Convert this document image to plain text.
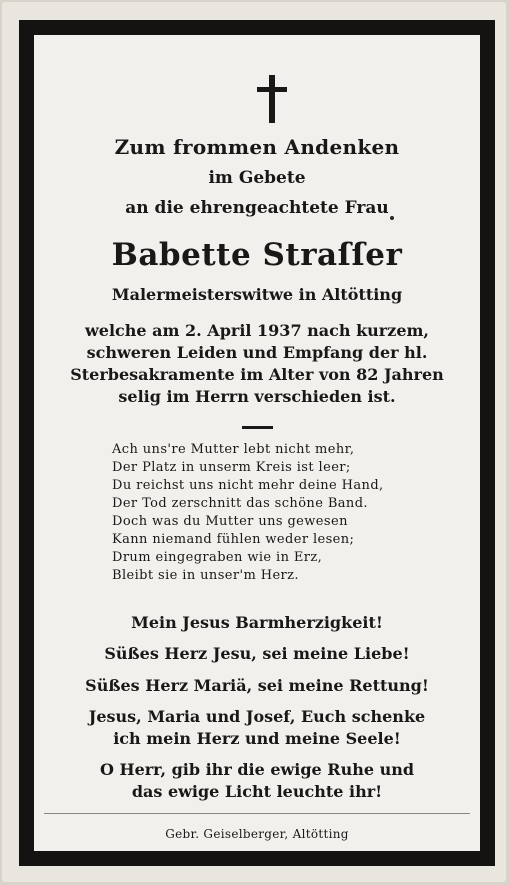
Zum frommen Andenken
im Gebete
an die ehrengeachtete Frau
Babette Straſſer
Malermeisterswitwe in Altötting
welche am 2. April 1937 nach kurzem,
schweren Leiden und Empfang der hl.
Sterbesakramente im Alter von 82 Jahren
selig im Herrn verschieden ist.
Ach uns're Mutter lebt nicht mehr,
Der Platz in unserm Kreis ist leer;
Du reichst uns nicht mehr deine Hand,
Der Tod zerschnitt das schöne Band.
Doch was du Mutter uns gewesen
Kann niemand fühlen weder lesen;
Drum eingegraben wie in Erz,
Bleibt sie in unser'm Herz.
Mein Jesus Barmherzigkeit!
Süßes Herz Jesu, sei meine Liebe!
Süßes Herz Mariä, sei meine Rettung!
Jesus, Maria und Josef, Euch schenke
ich mein Herz und meine Seele!
O Herr, gib ihr die ewige Ruhe und
das ewige Licht leuchte ihr!
Gebr. Geiselberger, Altötting
